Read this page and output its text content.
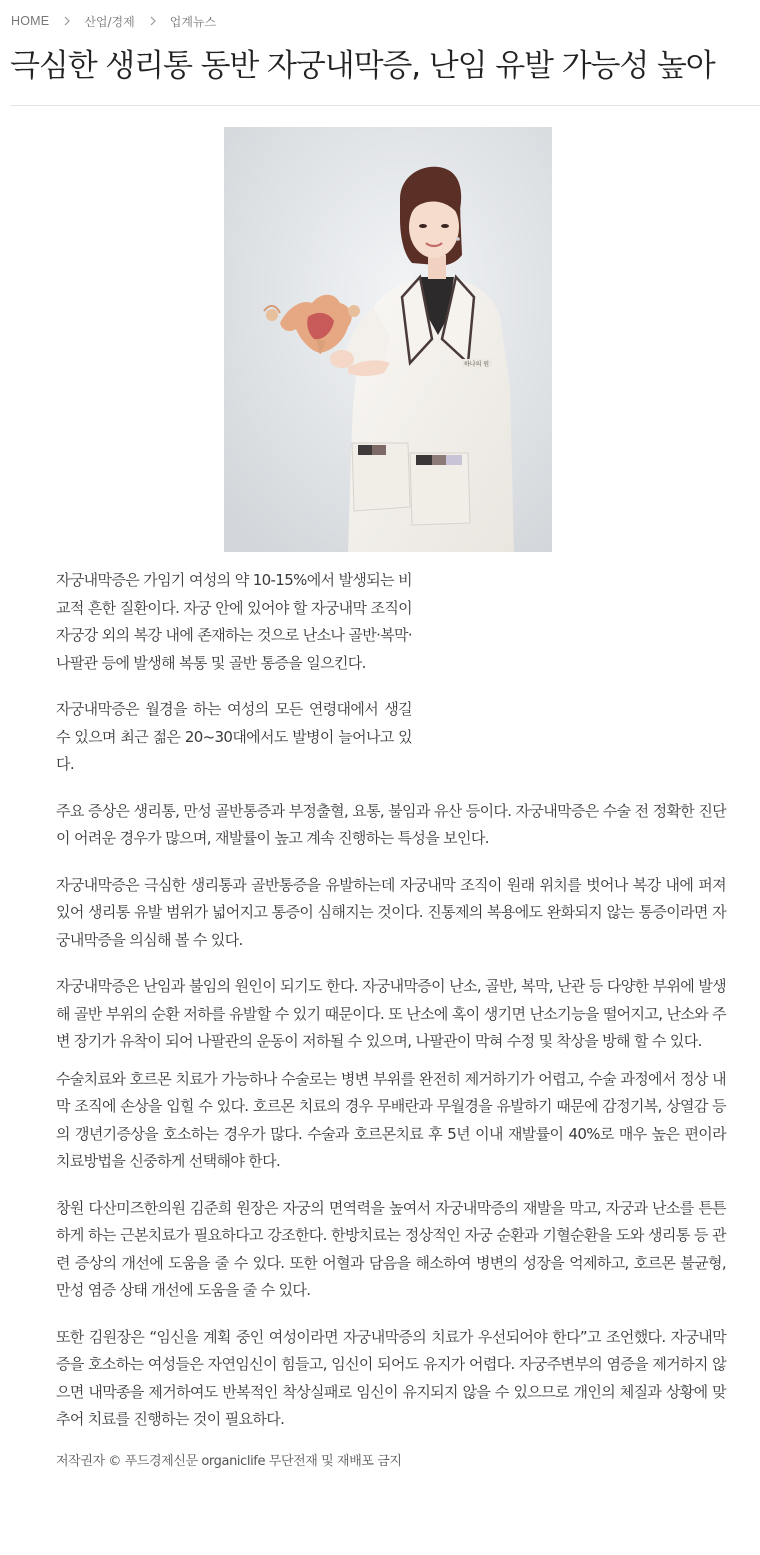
HOME	산업/경제	업계뉴스
극심한 생리통 동반 자궁내막증, 난임 유발 가능성 높아
하나의 원

자궁내막증은 가임기 여성의 약 10-15%에서 발생되는 비교적 흔한 질환이다. 자궁 안에 있어야 할 자궁내막 조직이 자궁강 외의 복강 내에 존재하는 것으로 난소나 골반·복막·나팔관 등에 발생해 복통 및 골반 통증을 일으킨다.

자궁내막증은 월경을 하는 여성의 모든 연령대에서 생길 수 있으며 최근 젊은 20~30대에서도 발병이 늘어나고 있다.

주요 증상은 생리통, 만성 골반통증과 부정출혈, 요통, 불임과 유산 등이다. 자궁내막증은 수술 전 정확한 진단이 어려운 경우가 많으며, 재발률이 높고 계속 진행하는 특성을 보인다.

자궁내막증은 극심한 생리통과 골반통증을 유발하는데 자궁내막 조직이 원래 위치를 벗어나 복강 내에 퍼져 있어 생리통 유발 범위가 넓어지고 통증이 심해지는 것이다. 진통제의 복용에도 완화되지 않는 통증이라면 자궁내막증을 의심해 볼 수 있다.

자궁내막증은 난임과 불임의 원인이 되기도 한다. 자궁내막증이 난소, 골반, 복막, 난관 등 다양한 부위에 발생해 골반 부위의 순환 저하를 유발할 수 있기 때문이다. 또 난소에 혹이 생기면 난소기능을 떨어지고, 난소와 주변 장기가 유착이 되어 나팔관의 운동이 저하될 수 있으며, 나팔관이 막혀 수정 및 착상을 방해 할 수 있다.

수술치료와 호르몬 치료가 가능하나 수술로는 병변 부위를 완전히 제거하기가 어렵고, 수술 과정에서 정상 내막 조직에 손상을 입힐 수 있다. 호르몬 치료의 경우 무배란과 무월경을 유발하기 때문에 감정기복, 상열감 등의 갱년기증상을 호소하는 경우가 많다. 수술과 호르몬치료 후 5년 이내 재발률이 40%로 매우 높은 편이라 치료방법을 신중하게 선택해야 한다.

창원 다산미즈한의원 김준희 원장은 자궁의 면역력을 높여서 자궁내막증의 재발을 막고, 자궁과 난소를 튼튼하게 하는 근본치료가 필요하다고 강조한다. 한방치료는 정상적인 자궁 순환과 기혈순환을 도와 생리통 등 관련 증상의 개선에 도움을 줄 수 있다. 또한 어혈과 담음을 해소하여 병변의 성장을 억제하고, 호르몬 불균형, 만성 염증 상태 개선에 도움을 줄 수 있다.

또한 김원장은 “임신을 계획 중인 여성이라면 자궁내막증의 치료가 우선되어야 한다”고 조언했다. 자궁내막증을 호소하는 여성들은 자연임신이 힘들고, 임신이 되어도 유지가 어렵다. 자궁주변부의 염증을 제거하지 않으면 내막종을 제거하여도 반복적인 착상실패로 임신이 유지되지 않을 수 있으므로 개인의 체질과 상황에 맞추어 치료를 진행하는 것이 필요하다.

저작권자 © 푸드경제신문 organiclife 무단전재 및 재배포 금지
